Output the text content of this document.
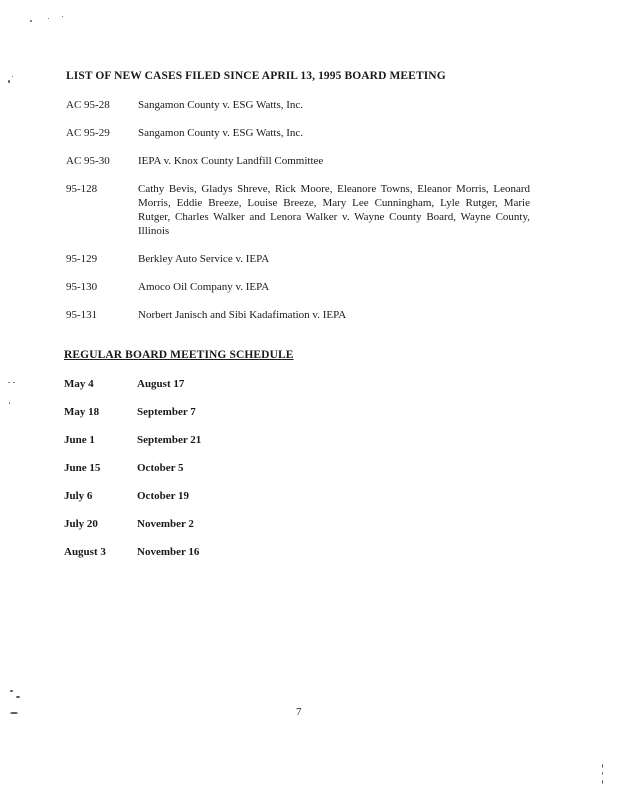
LIST OF NEW CASES FILED SINCE APRIL 13, 1995 BOARD MEETING
AC 95-28	Sangamon County v. ESG Watts, Inc.
AC 95-29	Sangamon County v. ESG Watts, Inc.
AC 95-30	IEPA v. Knox County Landfill Committee
95-128	Cathy Bevis, Gladys Shreve, Rick Moore, Eleanore Towns, Eleanor Morris, Leonard Morris, Eddie Breeze, Louise Breeze, Mary Lee Cunningham, Lyle Rutger, Marie Rutger, Charles Walker and Lenora Walker v. Wayne County Board, Wayne County, Illinois
95-129	Berkley Auto Service v. IEPA
95-130	Amoco Oil Company v. IEPA
95-131	Norbert Janisch and Sibi Kadafimation v. IEPA
REGULAR BOARD MEETING SCHEDULE
May 4	August 17
May 18	September 7
June 1	September 21
June 15	October 5
July 6	October 19
July 20	November 2
August 3	November 16
7
